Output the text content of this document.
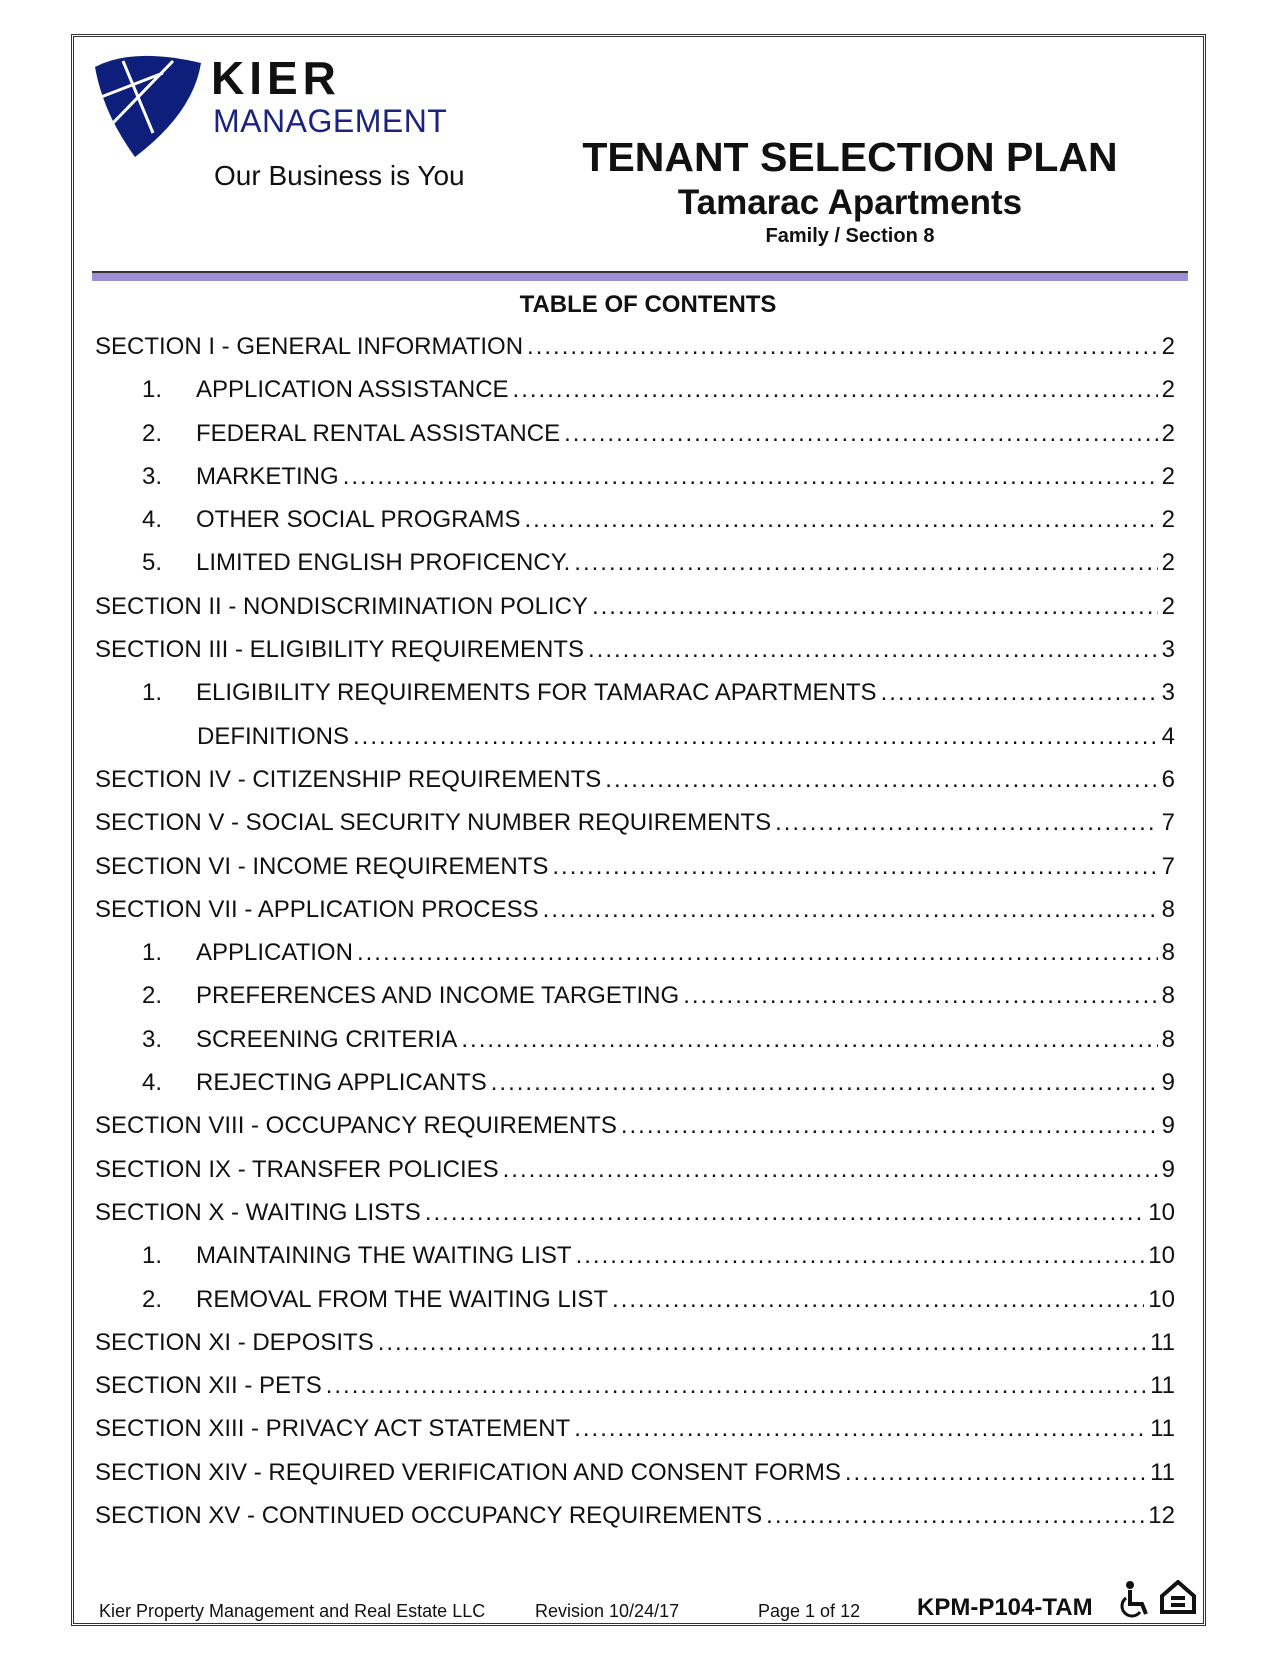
KIER
MANAGEMENT
Our Business is You	TENANT SELECTION PLAN
Tamarac Apartments
Family / Section 8
TABLE OF CONTENTS
SECTION I - GENERAL INFORMATION .....	2
1.	APPLICATION ASSISTANCE .....	2
2.	FEDERAL RENTAL ASSISTANCE .....	2
3.	MARKETING .....	2
4.	OTHER SOCIAL PROGRAMS .....	2
5.	LIMITED ENGLISH PROFICENCY. .....	2
SECTION II - NONDISCRIMINATION POLICY .....	2
SECTION III - ELIGIBILITY REQUIREMENTS .....	3
1.	ELIGIBILITY REQUIREMENTS FOR TAMARAC APARTMENTS .....	3
DEFINITIONS .....	4
SECTION IV - CITIZENSHIP REQUIREMENTS .....	6
SECTION V - SOCIAL SECURITY NUMBER REQUIREMENTS .....	7
SECTION VI - INCOME REQUIREMENTS .....	7
SECTION VII - APPLICATION PROCESS .....	8
1.	APPLICATION .....	8
2.	PREFERENCES AND INCOME TARGETING .....	8
3.	SCREENING CRITERIA .....	8
4.	REJECTING APPLICANTS .....	9
SECTION VIII - OCCUPANCY REQUIREMENTS .....	9
SECTION IX - TRANSFER POLICIES .....	9
SECTION X - WAITING LISTS .....	10
1.	MAINTAINING THE WAITING LIST .....	10
2.	REMOVAL FROM THE WAITING LIST .....	10
SECTION XI - DEPOSITS .....	11
SECTION XII - PETS .....	11
SECTION XIII - PRIVACY ACT STATEMENT .....	11
SECTION XIV - REQUIRED VERIFICATION AND CONSENT FORMS .....	11
SECTION XV - CONTINUED OCCUPANCY REQUIREMENTS .....	12
Kier Property Management and Real Estate LLC	Revision 10/24/17	Page 1 of 12 KPM-P104-TAM
